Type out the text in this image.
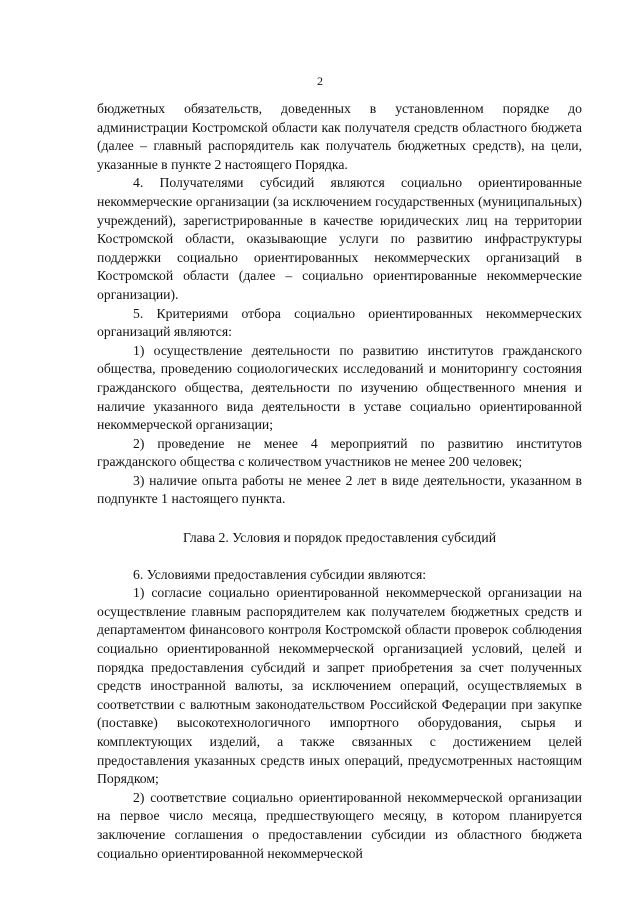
2

бюджетных обязательств, доведенных в установленном порядке до администрации Костромской области как получателя средств областного бюджета (далее – главный распорядитель как получатель бюджетных средств), на цели, указанные в пункте 2 настоящего Порядка.

4. Получателями субсидий являются социально ориентированные некоммерческие организации (за исключением государственных (муниципальных) учреждений), зарегистрированные в качестве юридических лиц на территории Костромской области, оказывающие услуги по развитию инфраструктуры поддержки социально ориентированных некоммерческих организаций в Костромской области (далее – социально ориентированные некоммерческие организации).

5. Критериями отбора социально ориентированных некоммерческих организаций являются:

1) осуществление деятельности по развитию институтов гражданского общества, проведению социологических исследований и мониторингу состояния гражданского общества, деятельности по изучению общественного мнения и наличие указанного вида деятельности в уставе социально ориентированной некоммерческой организации;

2) проведение не менее 4 мероприятий по развитию институтов гражданского общества с количеством участников не менее 200 человек;

3) наличие опыта работы не менее 2 лет в виде деятельности, указанном в подпункте 1 настоящего пункта.

Глава 2. Условия и порядок предоставления субсидий

6. Условиями предоставления субсидии являются:

1) согласие социально ориентированной некоммерческой организации на осуществление главным распорядителем как получателем бюджетных средств и департаментом финансового контроля Костромской области проверок соблюдения социально ориентированной некоммерческой организацией условий, целей и порядка предоставления субсидий и запрет приобретения за счет полученных средств иностранной валюты, за исключением операций, осуществляемых в соответствии с валютным законодательством Российской Федерации при закупке (поставке) высокотехнологичного импортного оборудования, сырья и комплектующих изделий, а также связанных с достижением целей предоставления указанных средств иных операций, предусмотренных настоящим Порядком;

2) соответствие социально ориентированной некоммерческой организации на первое число месяца, предшествующего месяцу, в котором планируется заключение соглашения о предоставлении субсидии из областного бюджета социально ориентированной некоммерческой
